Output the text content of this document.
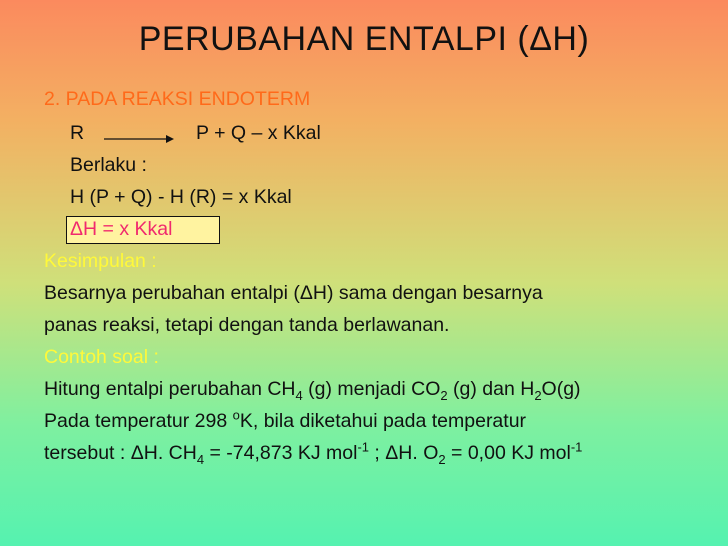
PERUBAHAN ENTALPI (ΔH)
2. PADA REAKSI ENDOTERM
R	P + Q – x Kkal
Berlaku :
H (P + Q) - H (R) = x Kkal
ΔH = x Kkal
Kesimpulan :
Besarnya perubahan entalpi (ΔH) sama dengan besarnya
panas reaksi, tetapi dengan tanda berlawanan.
Contoh soal :
Hitung entalpi perubahan $CH_4$ (g) menjadi $CO_2$ (g) dan $H_2O(g)$
Pada temperatur 298 $^o$K, bila diketahui pada temperatur
tersebut : ΔH. $CH_4 = -74,873$ KJ mol$^{-1}$ ; ΔH. $O_2 = 0,00$ KJ mol$^{-1}$
